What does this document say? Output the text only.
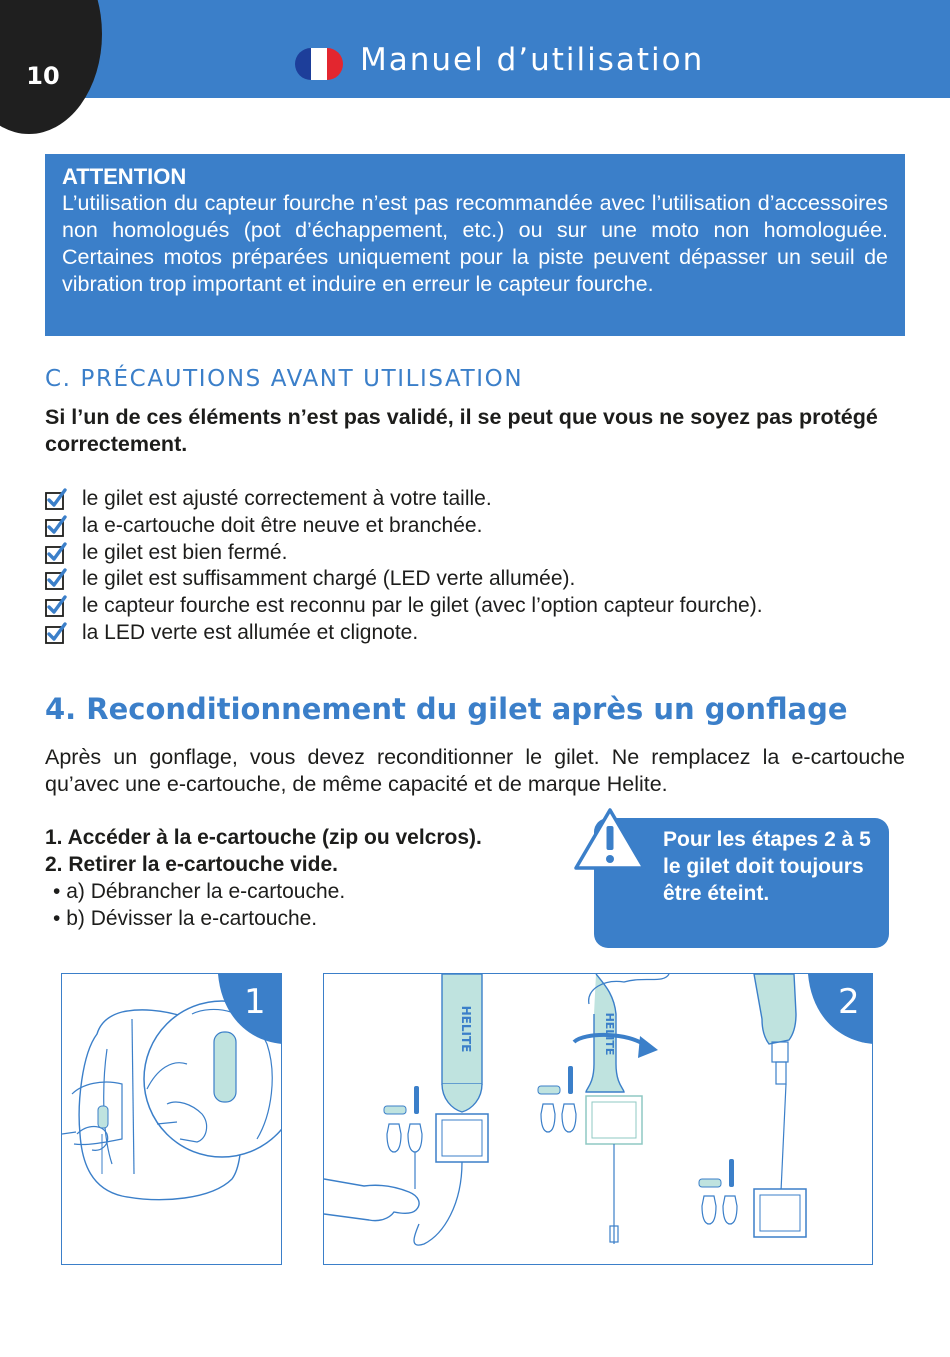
10	Manuel d’utilisation
ATTENTION
L’utilisation du capteur fourche n’est pas recommandée avec l’utilisation d’accessoires non homologués (pot d’échappement, etc.) ou sur une moto non homologuée. Certaines motos préparées uniquement pour la piste peuvent dépasser un seuil de vibration trop important et induire en erreur le capteur fourche.
C. PRÉCAUTIONS AVANT UTILISATION
Si l’un de ces éléments n’est pas validé, il se peut que vous ne soyez pas protégé correctement.
le gilet est ajusté correctement à votre taille.
la e-cartouche doit être neuve et branchée.
le gilet est bien fermé.
le gilet est suffisamment chargé (LED verte allumée).
le capteur fourche est reconnu par le gilet (avec l’option capteur fourche).
la LED verte est allumée et clignote.
4. Reconditionnement du gilet après un gonflage
Après un gonflage, vous devez reconditionner le gilet. Ne remplacez la e-cartouche qu’avec une e-cartouche, de même capacité et de marque Helite.
1. Accéder à la e-cartouche (zip ou velcros).
2. Retirer la e-cartouche vide.
• a) Débrancher la e-cartouche.
• b) Dévisser la e-cartouche.
Pour les étapes 2 à 5 le gilet doit toujours être éteint.
1
HELITE	HELITE
2
